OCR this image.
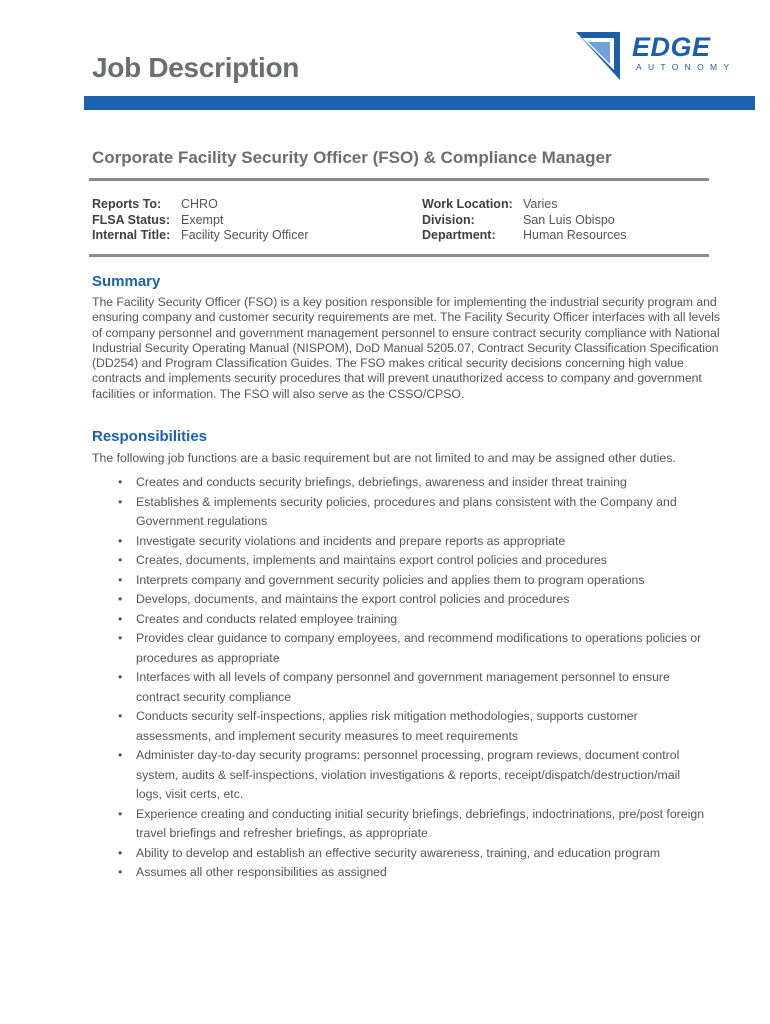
Job Description
EDGE
AUTONOMY
Corporate Facility Security Officer (FSO) & Compliance Manager
Reports To:	CHRO
FLSA Status: Exempt
Internal Title: Facility Security Officer
Work Location: Varies
Division:	San Luis Obispo
Department:	Human Resources
Summary

The Facility Security Officer (FSO) is a key position responsible for implementing the industrial security program and ensuring company and customer security requirements are met. The Facility Security Officer interfaces with all levels of company personnel and government management personnel to ensure contract security compliance with National Industrial Security Operating Manual (NISPOM), DoD Manual 5205.07, Contract Security Classification Specification (DD254) and Program Classification Guides. The FSO makes critical security decisions concerning high value contracts and implements security procedures that will prevent unauthorized access to company and government facilities or information. The FSO will also serve as the CSSO/CPSO.

Responsibilities

The following job functions are a basic requirement but are not limited to and may be assigned other duties.

• Creates and conducts security briefings, debriefings, awareness and insider threat training
• Establishes & implements security policies, procedures and plans consistent with the Company and Government regulations
• Investigate security violations and incidents and prepare reports as appropriate
• Creates, documents, implements and maintains export control policies and procedures
• Interprets company and government security policies and applies them to program operations
• Develops, documents, and maintains the export control policies and procedures
• Creates and conducts related employee training
• Provides clear guidance to company employees, and recommend modifications to operations policies or procedures as appropriate
• Interfaces with all levels of company personnel and government management personnel to ensure contract security compliance
• Conducts security self-inspections, applies risk mitigation methodologies, supports customer assessments, and implement security measures to meet requirements
• Administer day-to-day security programs: personnel processing, program reviews, document control system, audits & self-inspections, violation investigations & reports, receipt/dispatch/destruction/mail logs, visit certs, etc.
• Experience creating and conducting initial security briefings, debriefings, indoctrinations, pre/post foreign travel briefings and refresher briefings, as appropriate
• Ability to develop and establish an effective security awareness, training, and education program
• Assumes all other responsibilities as assigned
